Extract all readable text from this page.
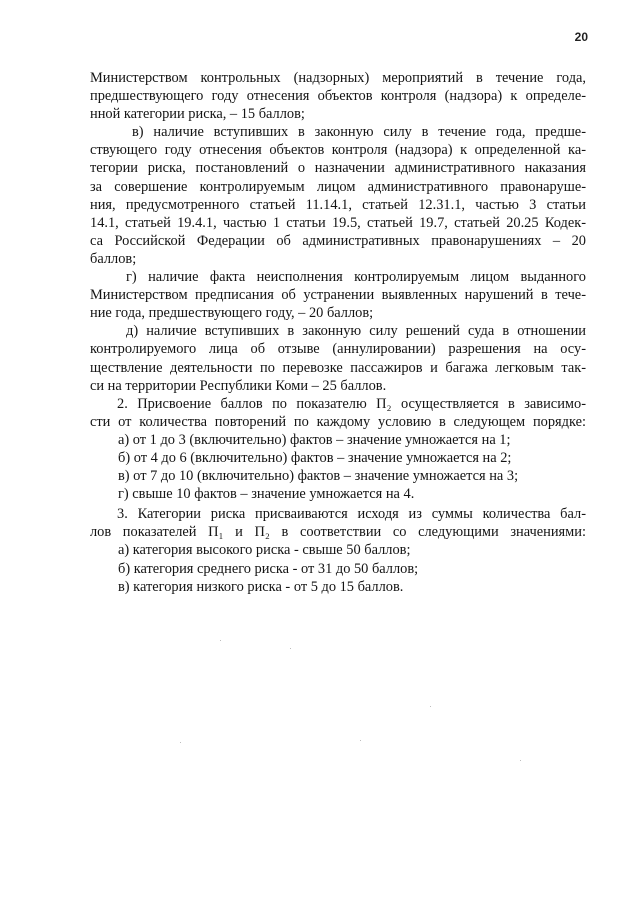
20
Министерством контрольных (надзорных) мероприятий в течение года,
предшествующего году отнесения объектов контроля (надзора) к определе-
нной категории риска, – 15 баллов;
в) наличие вступивших в законную силу в течение года, предше-
ствующего году отнесения объектов контроля (надзора) к определенной ка-
тегории риска, постановлений о назначении административного наказания
за совершение контролируемым лицом административного правонаруше-
ния, предусмотренного статьей 11.14.1, статьей 12.31.1, частью 3 статьи
14.1, статьей 19.4.1, частью 1 статьи 19.5, статьей 19.7, статьей 20.25 Кодек-
са Российской Федерации об административных правонарушениях – 20
баллов;
г) наличие факта неисполнения контролируемым лицом выданного
Министерством предписания об устранении выявленных нарушений в тече-
ние года, предшествующего году, – 20 баллов;
д) наличие вступивших в законную силу решений суда в отношении
контролируемого лица об отзыве (аннулировании) разрешения на осу-
ществление деятельности по перевозке пассажиров и багажа легковым так-
си на территории Республики Коми – 25 баллов.
2. Присвоение баллов по показателю П₂ осуществляется в зависимо-
сти от количества повторений по каждому условию в следующем порядке:
а) от 1 до 3 (включительно) фактов – значение умножается на 1;
б) от 4 до 6 (включительно) фактов – значение умножается на 2;
в) от 7 до 10 (включительно) фактов – значение умножается на 3;
г) свыше 10 фактов – значение умножается на 4.
3. Категории риска присваиваются исходя из суммы количества бал-
лов показателей П₁ и П₂ в соответствии со следующими значениями:
а) категория высокого риска - свыше 50 баллов;
б) категория среднего риска - от 31 до 50 баллов;
в) категория низкого риска - от 5 до 15 баллов.
